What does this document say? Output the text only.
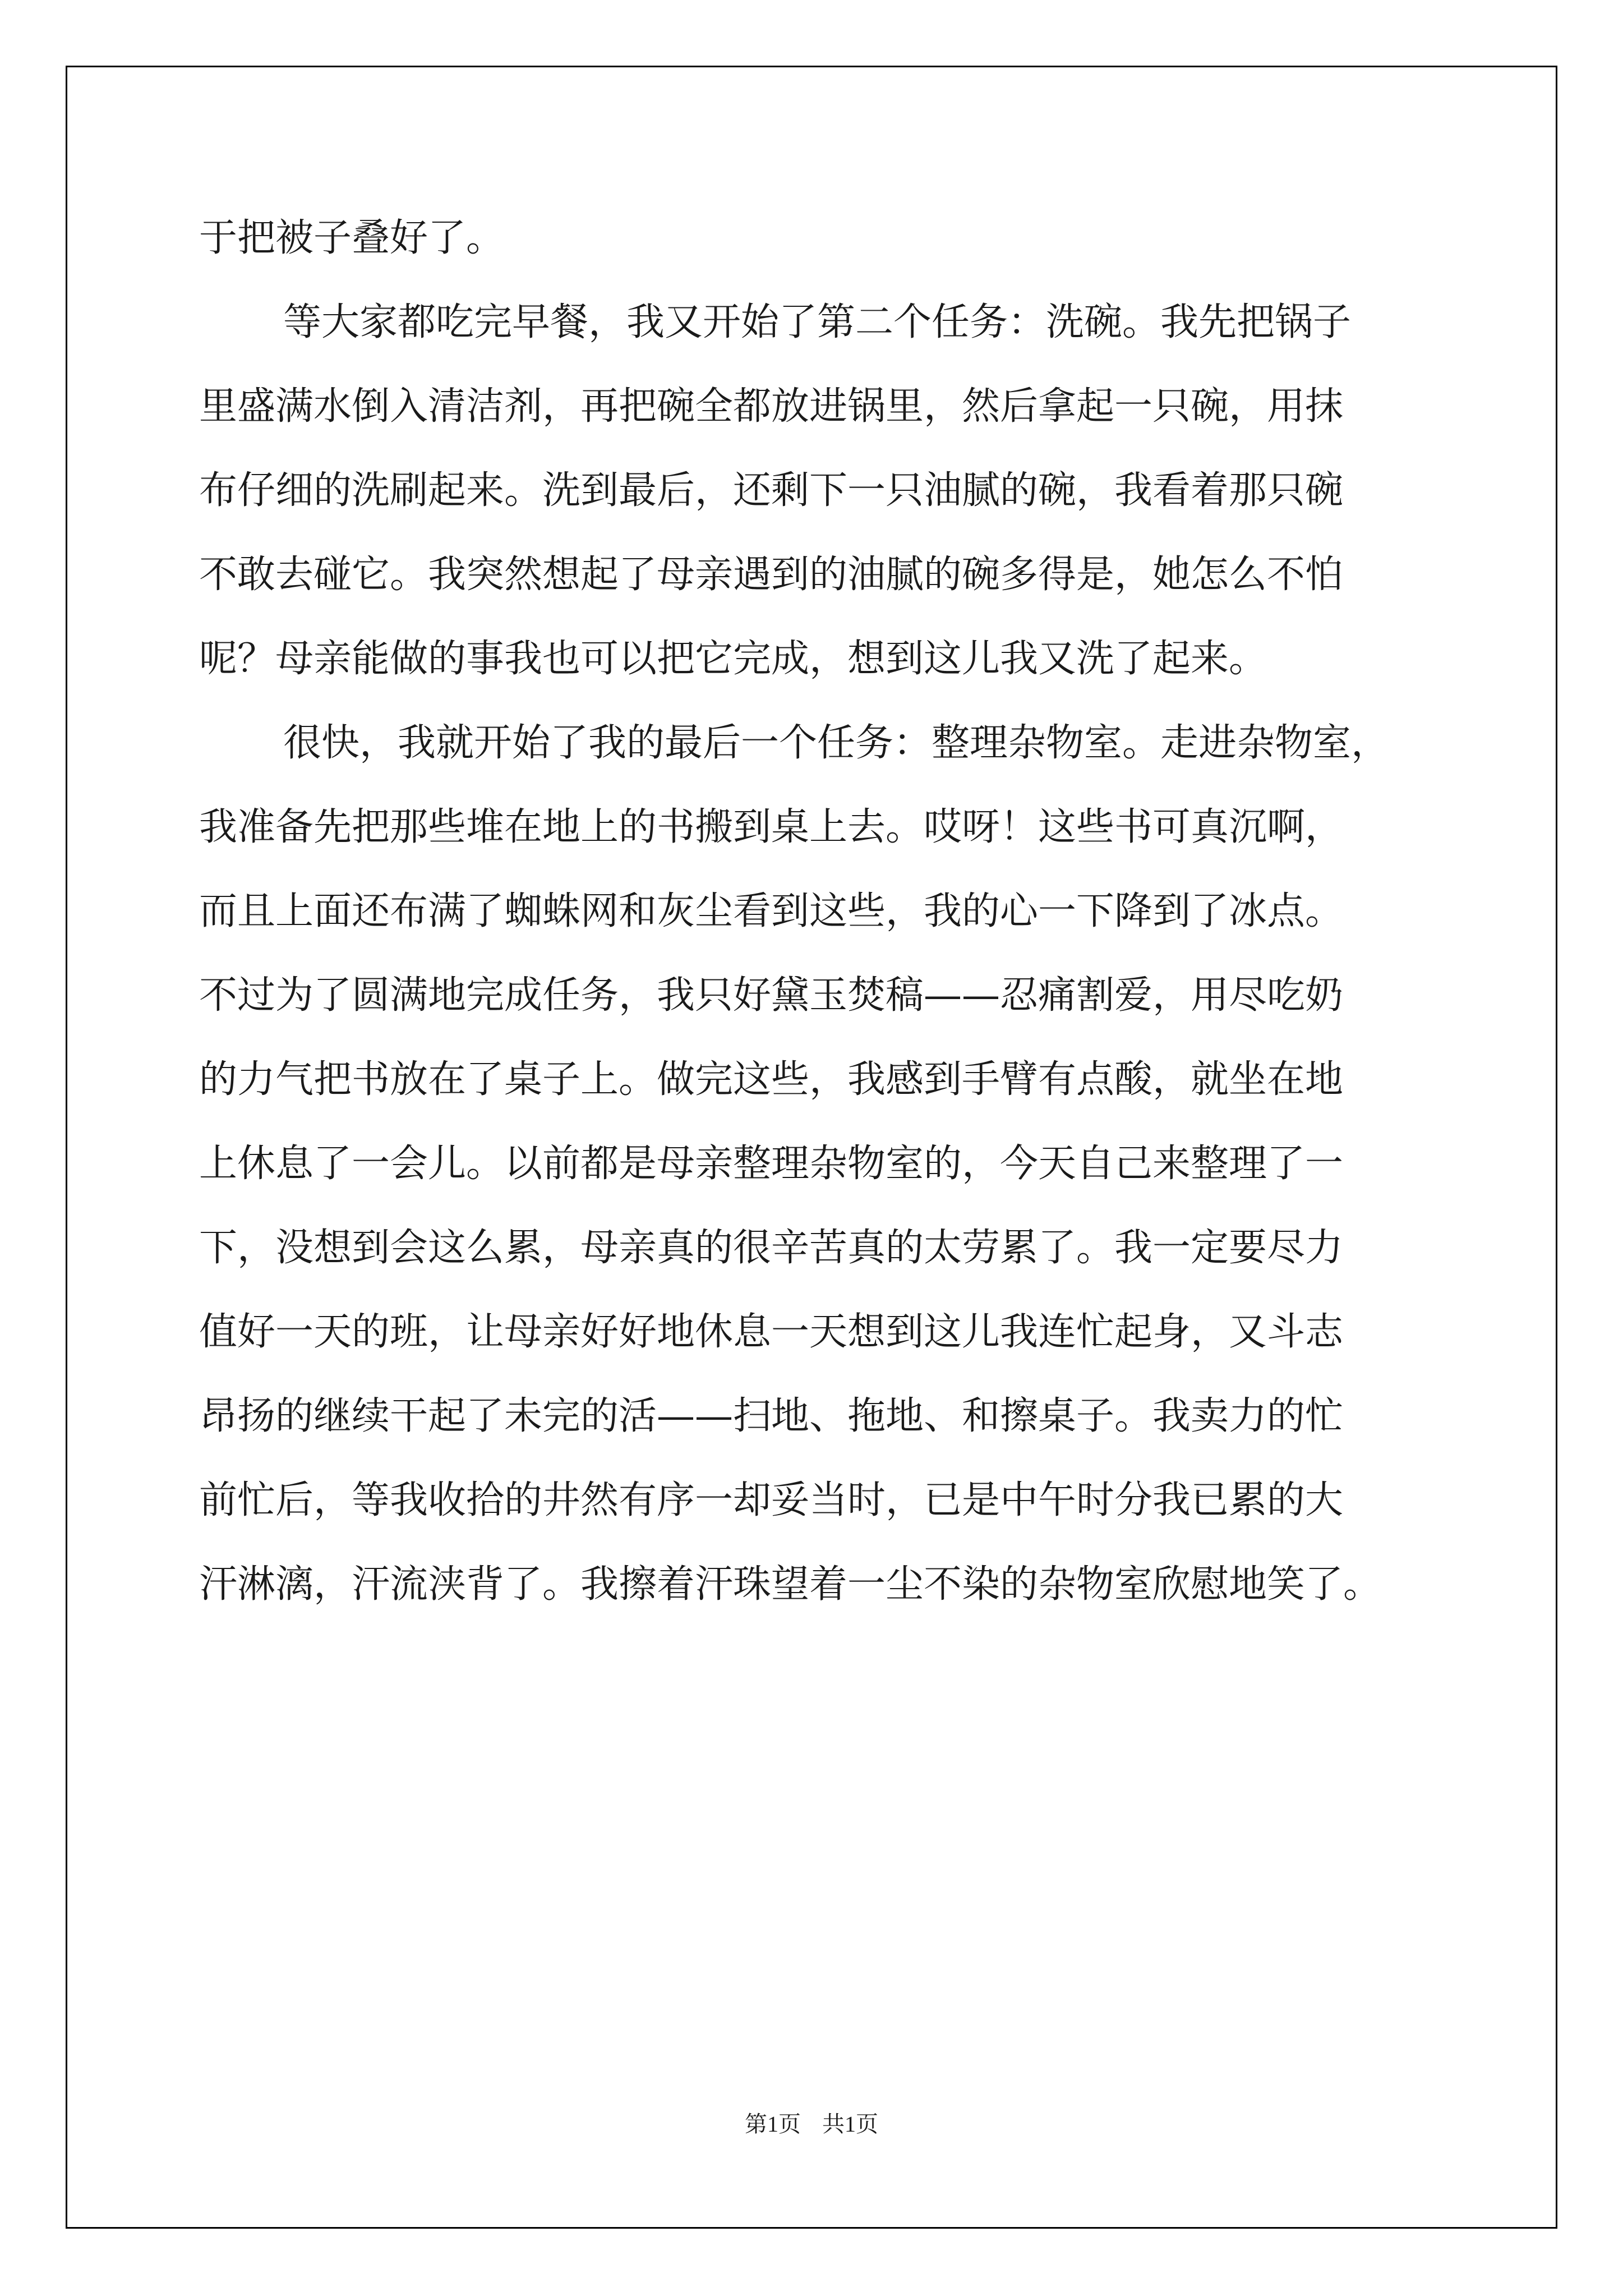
于把被子叠好了。
等大家都吃完早餐，我又开始了第二个任务：洗碗。我先把锅子
里盛满水倒入清洁剂，再把碗全都放进锅里，然后拿起一只碗，用抹
布仔细的洗刷起来。洗到最后，还剩下一只油腻的碗，我看着那只碗
不敢去碰它。我突然想起了母亲遇到的油腻的碗多得是，她怎么不怕
呢？母亲能做的事我也可以把它完成，想到这儿我又洗了起来。
很快，我就开始了我的最后一个任务：整理杂物室。走进杂物室，
我准备先把那些堆在地上的书搬到桌上去。哎呀！这些书可真沉啊，
而且上面还布满了蜘蛛网和灰尘看到这些，我的心一下降到了冰点。
不过为了圆满地完成任务，我只好黛玉焚稿——忍痛割爱，用尽吃奶
的力气把书放在了桌子上。做完这些，我感到手臂有点酸，就坐在地
上休息了一会儿。以前都是母亲整理杂物室的，今天自己来整理了一
下，没想到会这么累，母亲真的很辛苦真的太劳累了。我一定要尽力
值好一天的班，让母亲好好地休息一天想到这儿我连忙起身，又斗志
昂扬的继续干起了未完的活——扫地、拖地、和擦桌子。我卖力的忙
前忙后，等我收拾的井然有序一却妥当时，已是中午时分我已累的大
汗淋漓，汗流浃背了。我擦着汗珠望着一尘不染的杂物室欣慰地笑了。
第1页 共1页
